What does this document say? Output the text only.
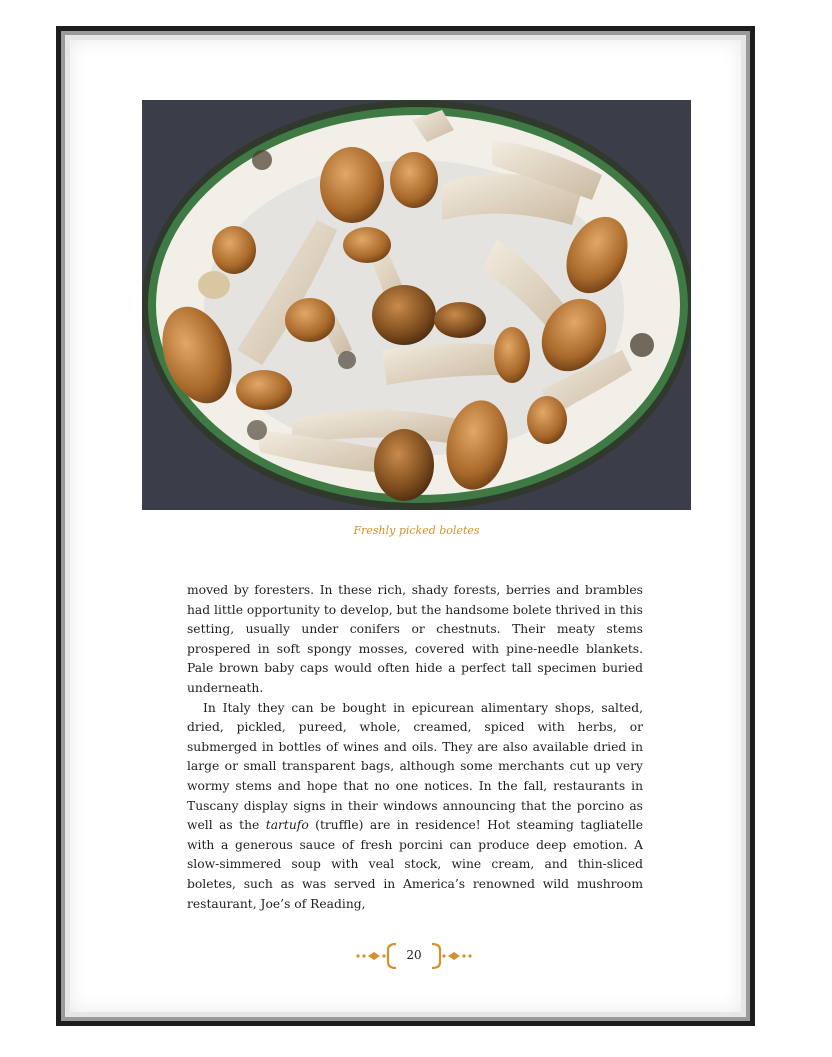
Freshly picked boletes

moved by foresters. In these rich, shady forests, berries and brambles had little opportunity to develop, but the handsome bolete thrived in this setting, usually under conifers or chestnuts. Their meaty stems prospered in soft spongy mosses, covered with pine-needle blankets. Pale brown baby caps would often hide a perfect tall specimen buried underneath.

In Italy they can be bought in epicurean alimentary shops, salted, dried, pickled, pureed, whole, creamed, spiced with herbs, or submerged in bottles of wines and oils. They are also available dried in large or small transparent bags, although some merchants cut up very wormy stems and hope that no one notices. In the fall, restaurants in Tuscany display signs in their windows announcing that the porcino as well as the tartufo (truffle) are in residence! Hot steaming tagliatelle with a generous sauce of fresh porcini can produce deep emotion. A slow-simmered soup with veal stock, wine cream, and thin-sliced boletes, such as was served in America’s renowned wild mushroom restaurant, Joe’s of Reading,

20
